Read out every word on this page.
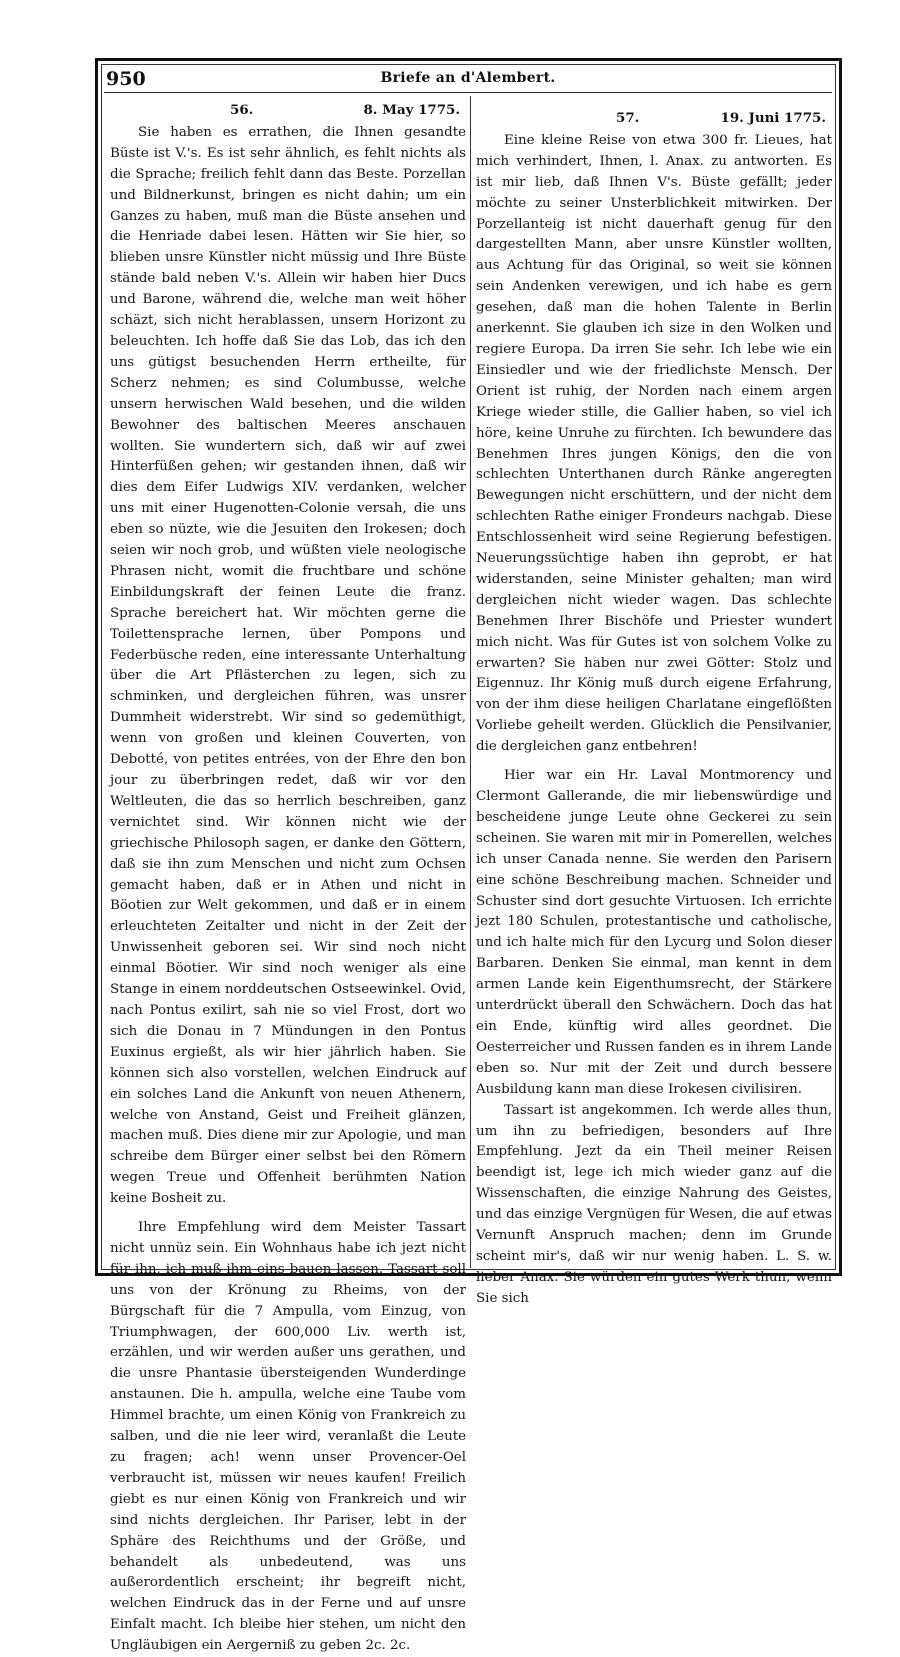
950	Briefe an d'Alembert.
56.	8. May 1775.

Sie haben es errathen, die Ihnen gesandte Büste ist V.'s. Es ist sehr ähnlich, es fehlt nichts als die Sprache; freilich fehlt dann das Beste. Porzellan und Bildnerkunst, bringen es nicht dahin; um ein Ganzes zu haben, muß man die Büste ansehen und die Henriade dabei lesen. Hätten wir Sie hier, so blieben unsre Künstler nicht müssig und Ihre Büste stände bald neben V.'s. Allein wir haben hier Ducs und Barone, während die, welche man weit höher schäzt, sich nicht herablassen, unsern Horizont zu beleuchten. Ich hoffe daß Sie das Lob, das ich den uns gütigst besuchenden Herrn ertheilte, für Scherz nehmen; es sind Columbusse, welche unsern herwischen Wald besehen, und die wilden Bewohner des baltischen Meeres anschauen wollten. Sie wundertern sich, daß wir auf zwei Hinterfüßen gehen; wir gestanden ihnen, daß wir dies dem Eifer Ludwigs XIV. verdanken, welcher uns mit einer Hugenotten-Colonie versah, die uns eben so nüzte, wie die Jesuiten den Irokesen; doch seien wir noch grob, und wüßten viele neologische Phrasen nicht, womit die fruchtbare und schöne Einbildungskraft der feinen Leute die franz. Sprache bereichert hat. Wir möchten gerne die Toilettensprache lernen, über Pompons und Federbüsche reden, eine interessante Unterhaltung über die Art Pflästerchen zu legen, sich zu schminken, und dergleichen führen, was unsrer Dummheit widerstrebt. Wir sind so gedemüthigt, wenn von großen und kleinen Couverten, von Debotté, von petites entrées, von der Ehre den bon jour zu überbringen redet, daß wir vor den Weltleuten, die das so herrlich beschreiben, ganz vernichtet sind. Wir können nicht wie der griechische Philosoph sagen, er danke den Göttern, daß sie ihn zum Menschen und nicht zum Ochsen gemacht haben, daß er in Athen und nicht in Böotien zur Welt gekommen, und daß er in einem erleuchteten Zeitalter und nicht in der Zeit der Unwissenheit geboren sei. Wir sind noch nicht einmal Böotier. Wir sind noch weniger als eine Stange in einem norddeutschen Ostseewinkel. Ovid, nach Pontus exilirt, sah nie so viel Frost, dort wo sich die Donau in 7 Mündungen in den Pontus Euxinus ergießt, als wir hier jährlich haben. Sie können sich also vorstellen, welchen Eindruck auf ein solches Land die Ankunft von neuen Athenern, welche von Anstand, Geist und Freiheit glänzen, machen muß. Dies diene mir zur Apologie, und man schreibe dem Bürger einer selbst bei den Römern wegen Treue und Offenheit berühmten Nation keine Bosheit zu.

Ihre Empfehlung wird dem Meister Tassart nicht unnüz sein. Ein Wohnhaus habe ich jezt nicht für ihn, ich muß ihm eins bauen lassen. Tassart soll uns von der Krönung zu Rheims, von der Bürgschaft für die 7 Ampulla, vom Einzug, von Triumphwagen, der 600,000 Liv. werth ist, erzählen, und wir werden außer uns gerathen, und die unsre Phantasie übersteigenden Wunderdinge anstaunen. Die h. ampulla, welche eine Taube vom Himmel brachte, um einen König von Frankreich zu salben, und die nie leer wird, veranlaßt die Leute zu fragen; ach! wenn unser Provencer-Oel verbraucht ist, müssen wir neues kaufen! Freilich giebt es nur einen König von Frankreich und wir sind nichts dergleichen. Ihr Pariser, lebt in der Sphäre des Reichthums und der Größe, und behandelt als unbedeutend, was uns außerordentlich erscheint; ihr begreift nicht, welchen Eindruck das in der Ferne und auf unsre Einfalt macht. Ich bleibe hier stehen, um nicht den Ungläubigen ein Aergerniß zu geben 2c. 2c.

57.	19. Juni 1775.

Eine kleine Reise von etwa 300 fr. Lieues, hat mich verhindert, Ihnen, l. Anax. zu antworten. Es ist mir lieb, daß Ihnen V's. Büste gefällt; jeder möchte zu seiner Unsterblichkeit mitwirken. Der Porzellanteig ist nicht dauerhaft genug für den dargestellten Mann, aber unsre Künstler wollten, aus Achtung für das Original, so weit sie können sein Andenken verewigen, und ich habe es gern gesehen, daß man die hohen Talente in Berlin anerkennt. Sie glauben ich size in den Wolken und regiere Europa. Da irren Sie sehr. Ich lebe wie ein Einsiedler und wie der friedlichste Mensch. Der Orient ist ruhig, der Norden nach einem argen Kriege wieder stille, die Gallier haben, so viel ich höre, keine Unruhe zu fürchten. Ich bewundere das Benehmen Ihres jungen Königs, den die von schlechten Unterthanen durch Ränke angeregten Bewegungen nicht erschüttern, und der nicht dem schlechten Rathe einiger Frondeurs nachgab. Diese Entschlossenheit wird seine Regierung befestigen. Neuerungssüchtige haben ihn geprobt, er hat widerstanden, seine Minister gehalten; man wird dergleichen nicht wieder wagen. Das schlechte Benehmen Ihrer Bischöfe und Priester wundert mich nicht. Was für Gutes ist von solchem Volke zu erwarten? Sie haben nur zwei Götter: Stolz und Eigennuz. Ihr König muß durch eigene Erfahrung, von der ihm diese heiligen Charlatane eingeflößten Vorliebe geheilt werden. Glücklich die Pensilvanier, die dergleichen ganz entbehren!

Hier war ein Hr. Laval Montmorency und Clermont Gallerande, die mir liebenswürdige und bescheidene junge Leute ohne Geckerei zu sein scheinen. Sie waren mit mir in Pomerellen, welches ich unser Canada nenne. Sie werden den Parisern eine schöne Beschreibung machen. Schneider und Schuster sind dort gesuchte Virtuosen. Ich errichte jezt 180 Schulen, protestantische und catholische, und ich halte mich für den Lycurg und Solon dieser Barbaren. Denken Sie einmal, man kennt in dem armen Lande kein Eigenthumsrecht, der Stärkere unterdrückt überall den Schwächern. Doch das hat ein Ende, künftig wird alles geordnet. Die Oesterreicher und Russen fanden es in ihrem Lande eben so. Nur mit der Zeit und durch bessere Ausbildung kann man diese Irokesen civilisiren.

Tassart ist angekommen. Ich werde alles thun, um ihn zu befriedigen, besonders auf Ihre Empfehlung. Jezt da ein Theil meiner Reisen beendigt ist, lege ich mich wieder ganz auf die Wissenschaften, die einzige Nahrung des Geistes, und das einzige Vergnügen für Wesen, die auf etwas Vernunft Anspruch machen; denn im Grunde scheint mir's, daß wir nur wenig haben. L. S. w. lieber Anax. Sie würden ein gutes Werk thun, wenn Sie sich
